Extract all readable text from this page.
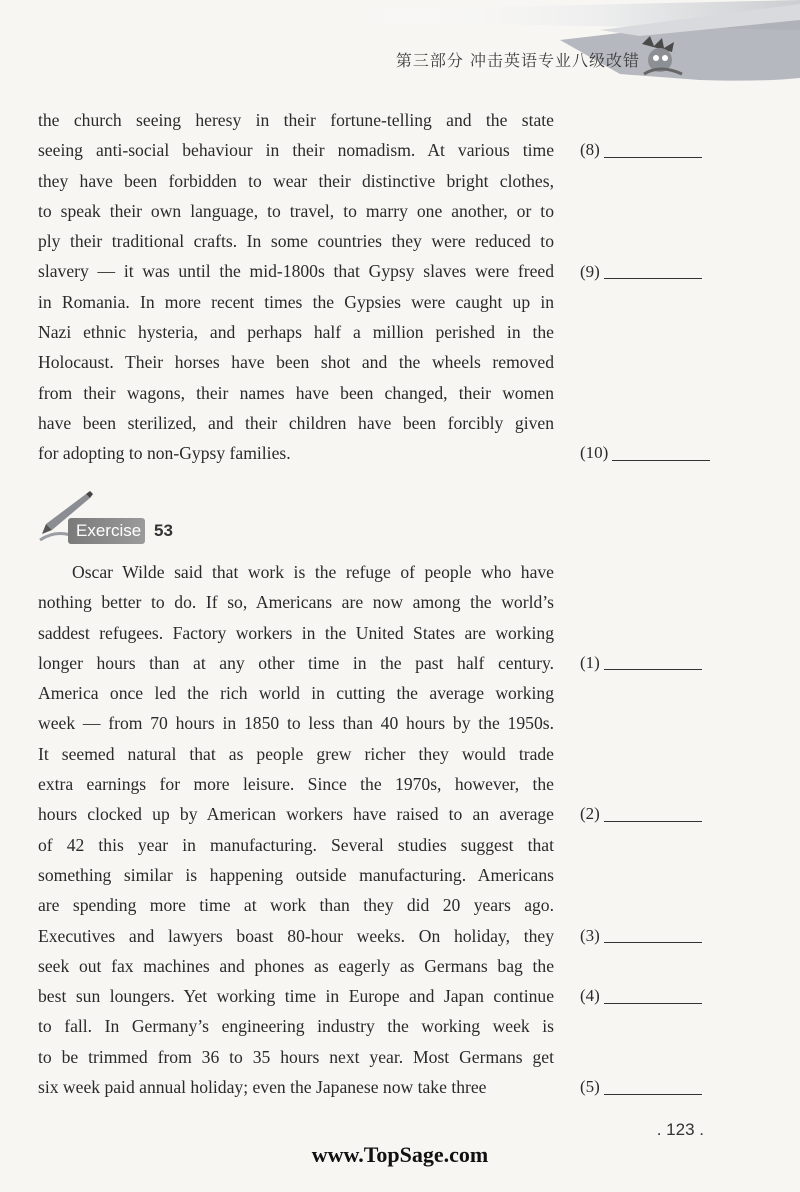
第三部分 冲击英语专业八级改错
the church seeing heresy in their fortune-telling and the state
seeing anti-social behaviour in their nomadism. At various time
they have been forbidden to wear their distinctive bright clothes,
to speak their own language, to travel, to marry one another, or to
ply their traditional crafts. In some countries they were reduced to
slavery — it was until the mid-1800s that Gypsy slaves were freed
in Romania. In more recent times the Gypsies were caught up in
Nazi ethnic hysteria, and perhaps half a million perished in the
Holocaust. Their horses have been shot and the wheels removed
from their wagons, their names have been changed, their women
have been sterilized, and their children have been forcibly given
for adopting to non-Gypsy families.
(8)
(9)
(10)
Exercise 53
Oscar Wilde said that work is the refuge of people who have
nothing better to do. If so, Americans are now among the world’s
saddest refugees. Factory workers in the United States are working
longer hours than at any other time in the past half century.
America once led the rich world in cutting the average working
week — from 70 hours in 1850 to less than 40 hours by the 1950s.
It seemed natural that as people grew richer they would trade
extra earnings for more leisure. Since the 1970s, however, the
hours clocked up by American workers have raised to an average
of 42 this year in manufacturing. Several studies suggest that
something similar is happening outside manufacturing. Americans
are spending more time at work than they did 20 years ago.
Executives and lawyers boast 80-hour weeks. On holiday, they
seek out fax machines and phones as eagerly as Germans bag the
best sun loungers. Yet working time in Europe and Japan continue
to fall. In Germany’s engineering industry the working week is
to be trimmed from 36 to 35 hours next year. Most Germans get
six week paid annual holiday; even the Japanese now take three
(1)
(2)
(3)
(4)
(5)
. 123 .
www.TopSage.com
